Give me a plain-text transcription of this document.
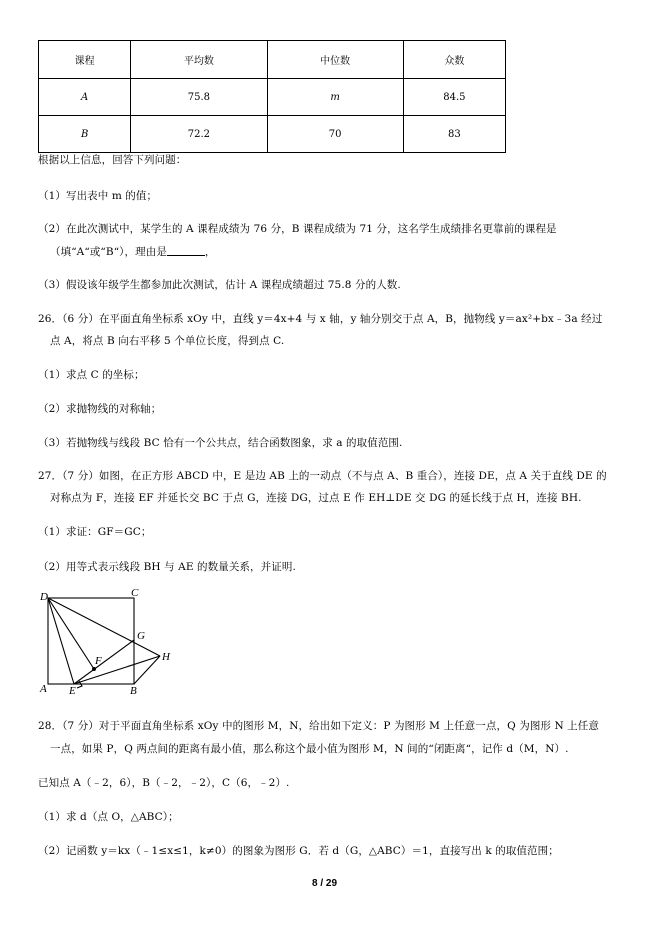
课程	平均数	中位数	众数
A	75.8	m	84.5
B	72.2	70	83
根据以上信息，回答下列问题：
（1）写出表中 m 的值；
（2）在此次测试中，某学生的 A 课程成绩为 76 分，B 课程成绩为 71 分，这名学生成绩排名更靠前的课程是
（填“A“或“B“），理由是	，
（3）假设该年级学生都参加此次测试，估计 A 课程成绩超过 75.8 分的人数.
26．（6 分）在平面直角坐标系 xOy 中，直线 y＝4x+4 与 x 轴，y 轴分别交于点 A，B，抛物线 y＝ax²+bx﹣3a 经过
点 A，将点 B 向右平移 5 个单位长度，得到点 C.
（1）求点 C 的坐标；
（2）求抛物线的对称轴；
（3）若抛物线与线段 BC 恰有一个公共点，结合函数图象，求 a 的取值范围.
27．（7 分）如图，在正方形 ABCD 中，E 是边 AB 上的一动点（不与点 A、B 重合），连接 DE，点 A 关于直线 DE 的
对称点为 F，连接 EF 并延长交 BC 于点 G，连接 DG，过点 E 作 EH⊥DE 交 DG 的延长线于点 H，连接 BH.
（1）求证：GF＝GC；
（2）用等式表示线段 BH 与 AE 的数量关系，并证明.
D	C
G
F	H
A E	B
28．（7 分）对于平面直角坐标系 xOy 中的图形 M，N，给出如下定义：P 为图形 M 上任意一点，Q 为图形 N 上任意
一点，如果 P，Q 两点间的距离有最小值，那么称这个最小值为图形 M，N 间的“闭距离“，记作 d（M，N）.
已知点 A（﹣2，6），B（﹣2，﹣2），C（6，﹣2）.
（1）求 d（点 O，△ABC）；
（2）记函数 y＝kx（﹣1≤x≤1，k≠0）的图象为图形 G．若 d（G，△ABC）＝1，直接写出 k 的取值范围；
8 / 29
